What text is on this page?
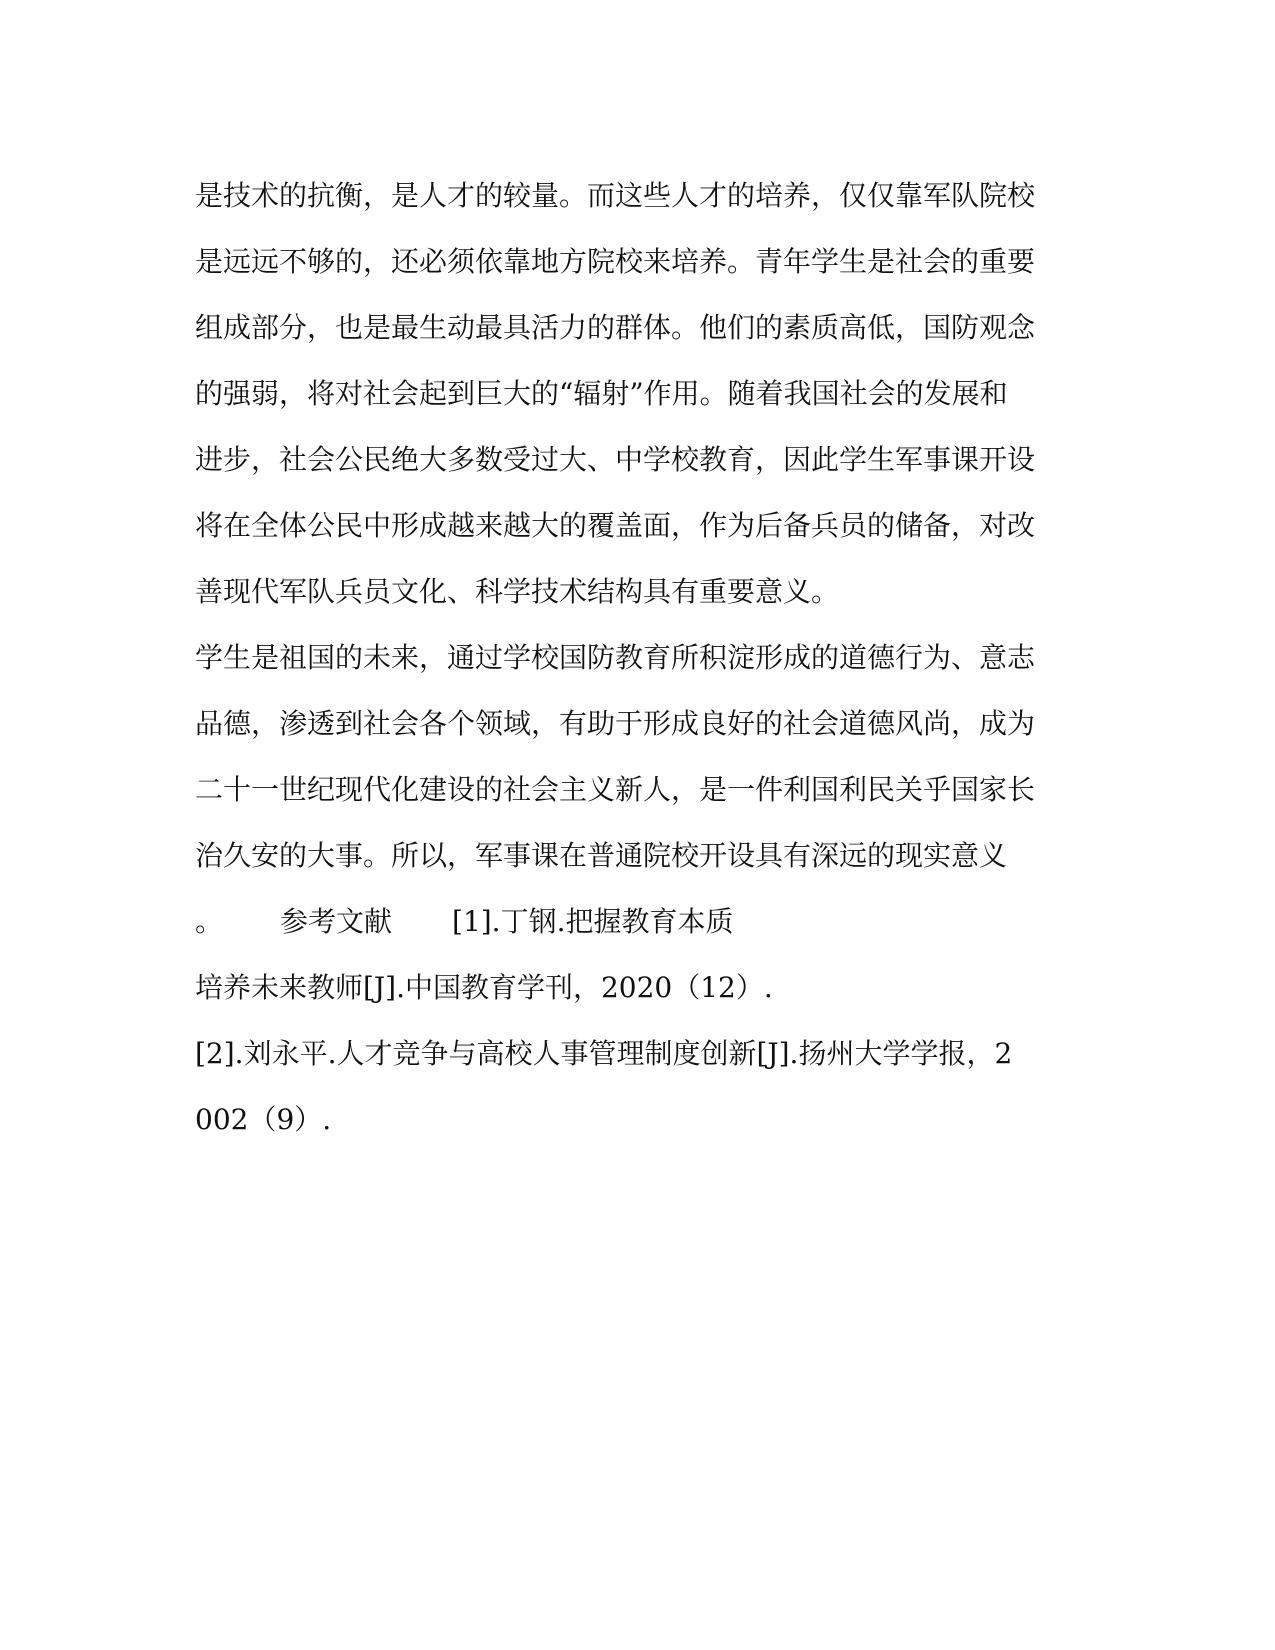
是技术的抗衡，是人才的较量。而这些人才的培养，仅仅靠军队院校
是远远不够的，还必须依靠地方院校来培养。青年学生是社会的重要
组成部分，也是最生动最具活力的群体。他们的素质高低，国防观念
的强弱，将对社会起到巨大的“辐射”作用。随着我国社会的发展和
进步，社会公民绝大多数受过大、中学校教育，因此学生军事课开设
将在全体公民中形成越来越大的覆盖面，作为后备兵员的储备，对改
善现代军队兵员文化、科学技术结构具有重要意义。
学生是祖国的未来，通过学校国防教育所积淀形成的道德行为、意志
品德，渗透到社会各个领域，有助于形成良好的社会道德风尚，成为
二十一世纪现代化建设的社会主义新人，是一件利国利民关乎国家长
治久安的大事。所以，军事课在普通院校开设具有深远的现实意义
。 参考文献 [1].丁钢.把握教育本质
培养未来教师[J].中国教育学刊，2020（12）.
[2].刘永平.人才竞争与高校人事管理制度创新[J].扬州大学学报，2
002（9）.
